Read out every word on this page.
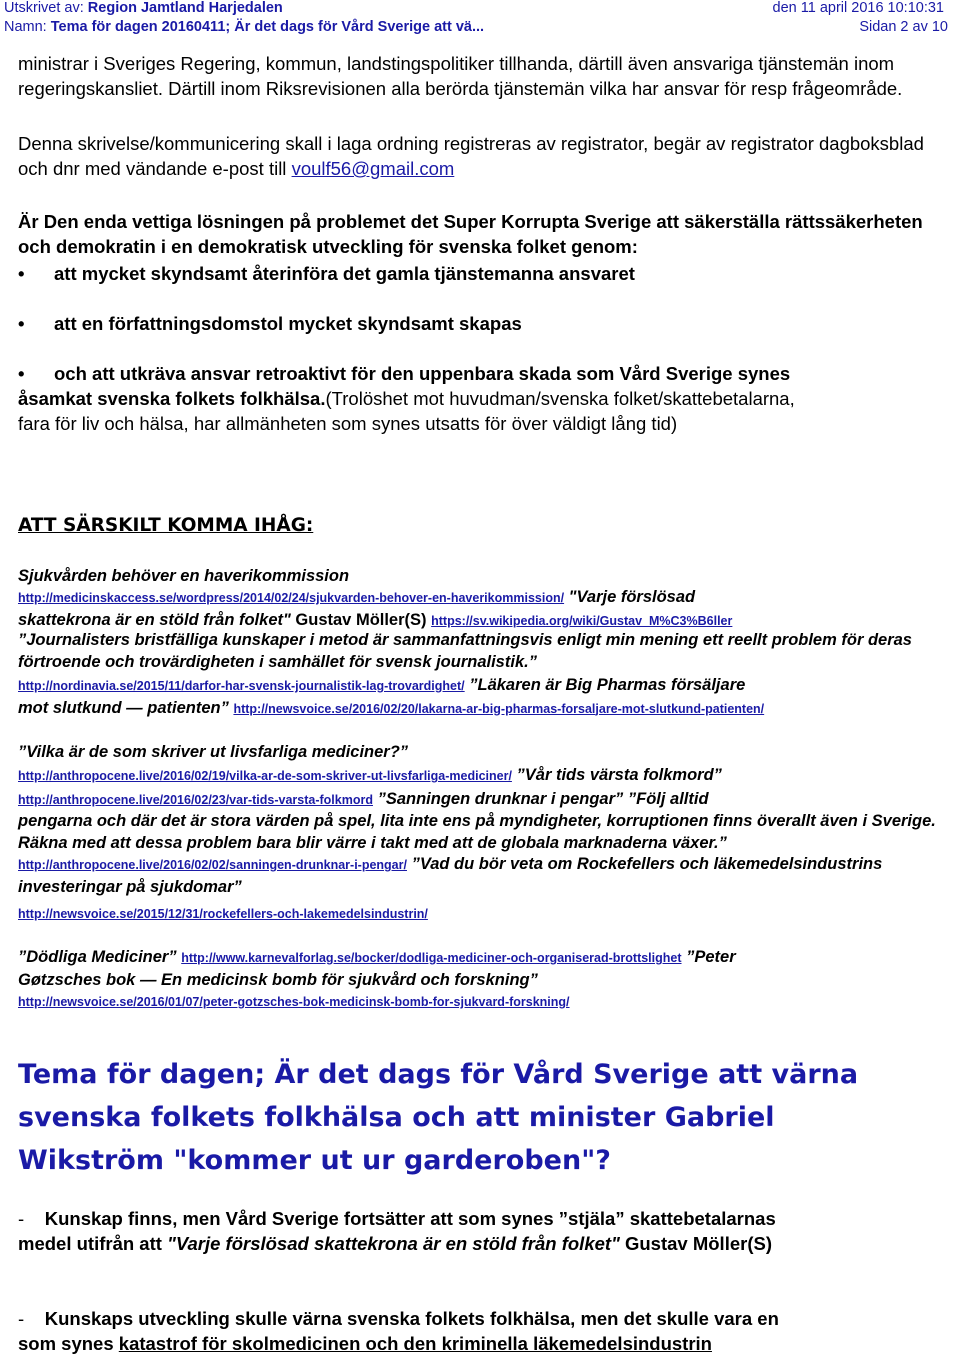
Utskrivet av: Region Jamtland Harjedalen	den 11 april 2016 10:10:31
Namn: Tema för dagen 20160411; Är det dags för Vård Sverige att vä...	Sidan 2 av 10
ministrar i Sveriges Regering, kommun, landstingspolitiker tillhanda, därtill även ansvariga tjänstemän inom regeringskansliet. Därtill inom Riksrevisionen alla berörda tjänstemän vilka har ansvar för resp frågeområde.
Denna skrivelse/kommunicering skall i laga ordning registreras av registrator, begär av registrator dagboksblad och dnr med vändande e-post till voulf56@gmail.com
Är Den enda vettiga lösningen på problemet det Super Korrupta Sverige att säkerställa rättssäkerheten och demokratin i en demokratisk utveckling för svenska folket genom:
• att mycket skyndsamt återinföra det gamla tjänstemanna ansvaret
• att en författningsdomstol mycket skyndsamt skapas
• och att utkräva ansvar retroaktivt för den uppenbara skada som Vård Sverige synes
åsamkat svenska folkets folkhälsa.(Trolöshet mot huvudman/svenska folket/skattebetalarna,
fara för liv och hälsa, har allmänheten som synes utsatts för över väldigt lång tid)
ATT SÄRSKILT KOMMA IHÅG:
Sjukvården behöver en haverikommission
http://medicinskaccess.se/wordpress/2014/02/24/sjukvarden-behover-en-haverikommission/ "Varje förslösad
skattekrona är en stöld från folket" Gustav Möller(S) https://sv.wikipedia.org/wiki/Gustav_M%C3%B6ller
”Journalisters bristfälliga kunskaper i metod är sammanfattningsvis enligt min mening ett reellt problem för deras förtroende och trovärdigheten i samhället för svensk journalistik.”
http://nordinavia.se/2015/11/darfor-har-svensk-journalistik-lag-trovardighet/ ”Läkaren är Big Pharmas försäljare
mot slutkund — patienten” http://newsvoice.se/2016/02/20/lakarna-ar-big-pharmas-forsaljare-mot-slutkund-patienten/
”Vilka är de som skriver ut livsfarliga mediciner?”
http://anthropocene.live/2016/02/19/vilka-ar-de-som-skriver-ut-livsfarliga-mediciner/ ”Vår tids värsta folkmord”
http://anthropocene.live/2016/02/23/var-tids-varsta-folkmord ”Sanningen drunknar i pengar” ”Följ alltid
pengarna och där det är stora värden på spel, lita inte ens på myndigheter, korruptionen finns överallt även i Sverige. Räkna med att dessa problem bara blir värre i takt med att de globala marknaderna växer.” http://anthropocene.live/2016/02/02/sanningen-drunknar-i-pengar/ ”Vad du bör veta om Rockefellers och läkemedelsindustrins investeringar på sjukdomar”
http://newsvoice.se/2015/12/31/rockefellers-och-lakemedelsindustrin/
”Dödliga Mediciner” http://www.karnevalforlag.se/bocker/dodliga-mediciner-och-organiserad-brottslighet ”Peter
Gøtzsches bok — En medicinsk bomb för sjukvård och forskning”
http://newsvoice.se/2016/01/07/peter-gotzsches-bok-medicinsk-bomb-for-sjukvard-forskning/
Tema för dagen; Är det dags för Vård Sverige att värna
svenska folkets folkhälsa och att minister Gabriel
Wikström "kommer ut ur garderoben"?
- Kunskap finns, men Vård Sverige fortsätter att som synes ”stjäla” skattebetalarnas
medel utifrån att "Varje förslösad skattekrona är en stöld från folket" Gustav Möller(S)
- Kunskaps utveckling skulle värna svenska folkets folkhälsa, men det skulle vara en
som synes katastrof för skolmedicinen och den kriminella läkemedelsindustrin
